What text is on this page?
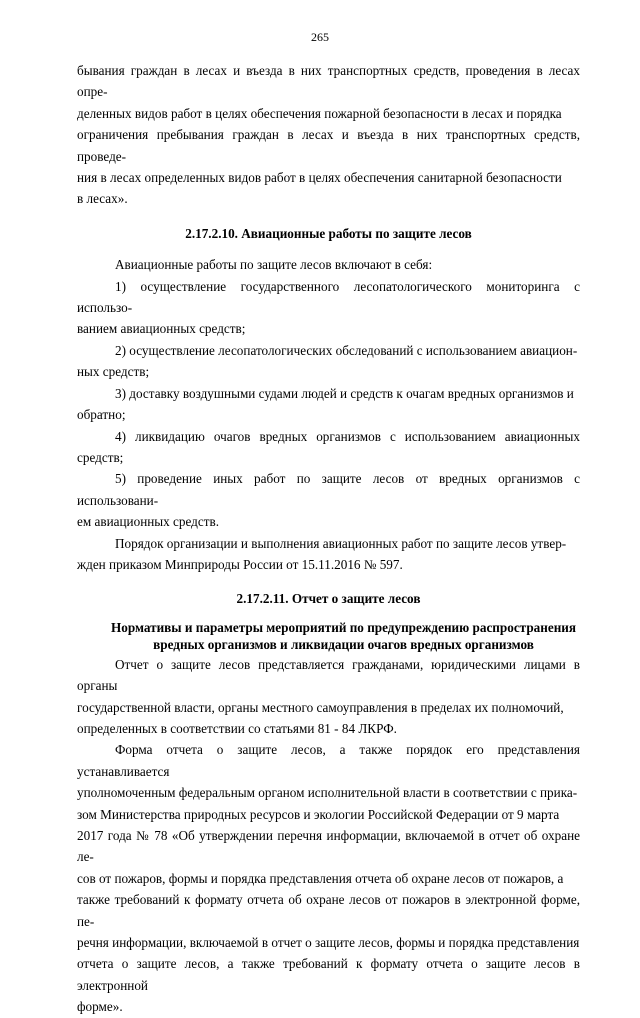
265

бывания граждан в лесах и въезда в них транспортных средств, проведения в лесах опре-

деленных видов работ в целях обеспечения пожарной безопасности в лесах и порядка

ограничения пребывания граждан в лесах и въезда в них транспортных средств, проведе-

ния в лесах определенных видов работ в целях обеспечения санитарной безопасности

в лесах».

2.17.2.10. Авиационные работы по защите лесов

Авиационные работы по защите лесов включают в себя:

1) осуществление государственного лесопатологического мониторинга с использо-

ванием авиационных средств;

2) осуществление лесопатологических обследований с использованием авиацион-

ных средств;

3) доставку воздушными судами людей и средств к очагам вредных организмов и

обратно;

4) ликвидацию очагов вредных организмов с использованием авиационных средств;

5) проведение иных работ по защите лесов от вредных организмов с использовани-

ем авиационных средств.

Порядок организации и выполнения авиационных работ по защите лесов утвер-

жден приказом Минприроды России от 15.11.2016 № 597.

2.17.2.11. Отчет о защите лесов

Нормативы и параметры мероприятий по предупреждению распространения

вредных организмов и ликвидации очагов вредных организмов

Отчет о защите лесов представляется гражданами, юридическими лицами в органы

государственной власти, органы местного самоуправления в пределах их полномочий,

определенных в соответствии со статьями 81 - 84 ЛКРФ.

Форма отчета о защите лесов, а также порядок его представления устанавливается

уполномоченным федеральным органом исполнительной власти в соответствии с прика-

зом Министерства природных ресурсов и экологии Российской Федерации от 9 марта

2017 года № 78 «Об утверждении перечня информации, включаемой в отчет об охране ле-

сов от пожаров, формы и порядка представления отчета об охране лесов от пожаров, а

также требований к формату отчета об охране лесов от пожаров в электронной форме, пе-

речня информации, включаемой в отчет о защите лесов, формы и порядка представления

отчета о защите лесов, а также требований к формату отчета о защите лесов в электронной

форме».
